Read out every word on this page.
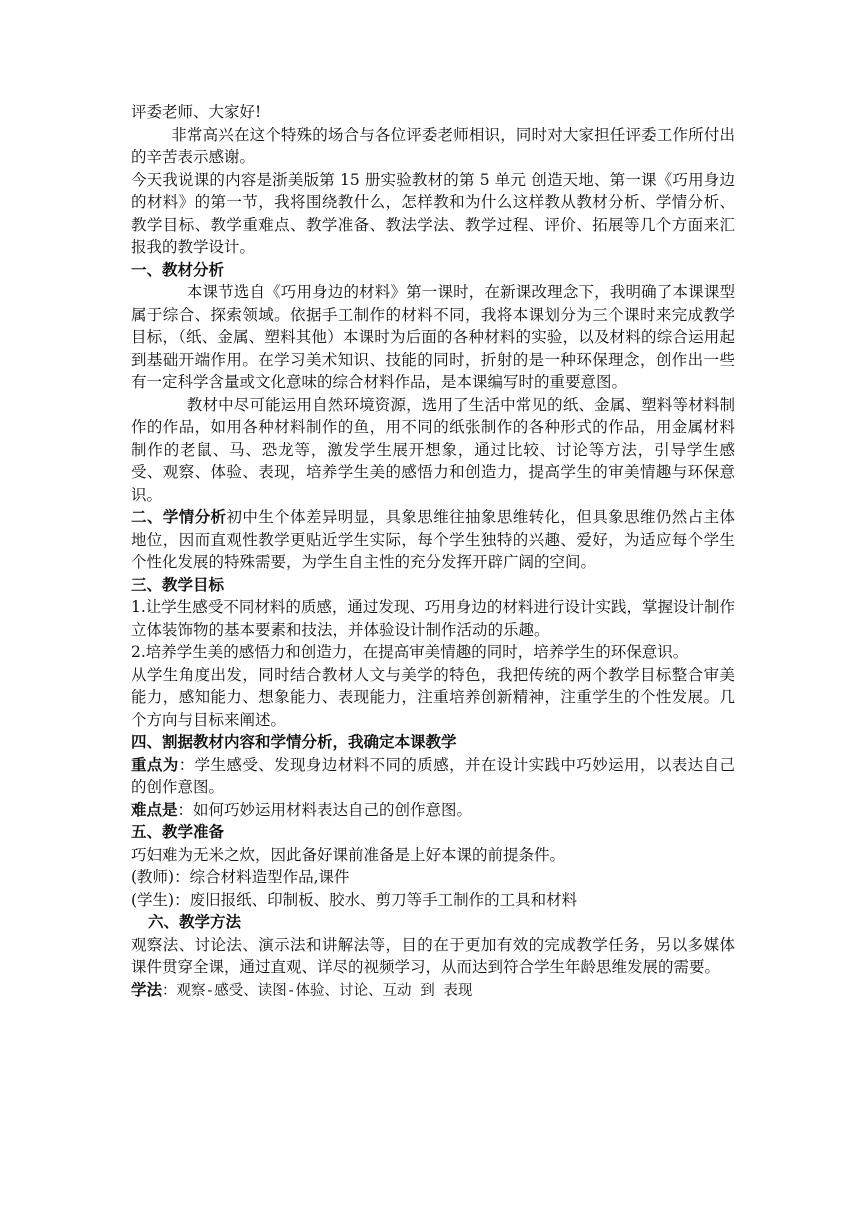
评委老师、大家好!

非常高兴在这个特殊的场合与各位评委老师相识，同时对大家担任评委工作所付出的辛苦表示感谢。

今天我说课的内容是浙美版第 15 册实验教材的第 5 单元 创造天地、第一课《巧用身边的材料》的第一节，我将围绕教什么，怎样教和为什么这样教从教材分析、学情分析、教学目标、教学重难点、教学准备、教法学法、教学过程、评价、拓展等几个方面来汇报我的教学设计。

一、教材分析

本课节选自《巧用身边的材料》第一课时，在新课改理念下，我明确了本课课型属于综合、探索领域。依据手工制作的材料不同，我将本课划分为三个课时来完成教学目标，（纸、金属、塑料其他）本课时为后面的各种材料的实验，以及材料的综合运用起到基础开端作用。在学习美术知识、技能的同时，折射的是一种环保理念，创作出一些有一定科学含量或文化意味的综合材料作品，是本课编写时的重要意图。

教材中尽可能运用自然环境资源，选用了生活中常见的纸、金属、塑料等材料制作的作品，如用各种材料制作的鱼，用不同的纸张制作的各种形式的作品，用金属材料制作的老鼠、马、恐龙等，激发学生展开想象，通过比较、讨论等方法，引导学生感受、观察、体验、表现，培养学生美的感悟力和创造力，提高学生的审美情趣与环保意识。

二、学情分析初中生个体差异明显，具象思维往抽象思维转化，但具象思维仍然占主体地位，因而直观性教学更贴近学生实际，每个学生独特的兴趣、爱好，为适应每个学生个性化发展的特殊需要，为学生自主性的充分发挥开辟广阔的空间。

三、教学目标

1.让学生感受不同材料的质感，通过发现、巧用身边的材料进行设计实践，掌握设计制作立体装饰物的基本要素和技法，并体验设计制作活动的乐趣。

2.培养学生美的感悟力和创造力，在提高审美情趣的同时，培养学生的环保意识。

从学生角度出发，同时结合教材人文与美学的特色，我把传统的两个教学目标整合审美能力，感知能力、想象能力、表现能力，注重培养创新精神，注重学生的个性发展。几个方向与目标来阐述。

四、割据教材内容和学情分析，我确定本课教学

重点为：学生感受、发现身边材料不同的质感，并在设计实践中巧妙运用，以表达自己的创作意图。

难点是：如何巧妙运用材料表达自己的创作意图。

五、教学准备

巧妇难为无米之炊，因此备好课前准备是上好本课的前提条件。

(教师)：综合材料造型作品,课件

(学生)：废旧报纸、印制板、胶水、剪刀等手工制作的工具和材料

六、教学方法

观察法、讨论法、演示法和讲解法等，目的在于更加有效的完成教学任务，另以多媒体课件贯穿全课，通过直观、详尽的视频学习，从而达到符合学生年龄思维发展的需要。

学法：观察-感受、读图-体验、讨论、互动 到 表现
